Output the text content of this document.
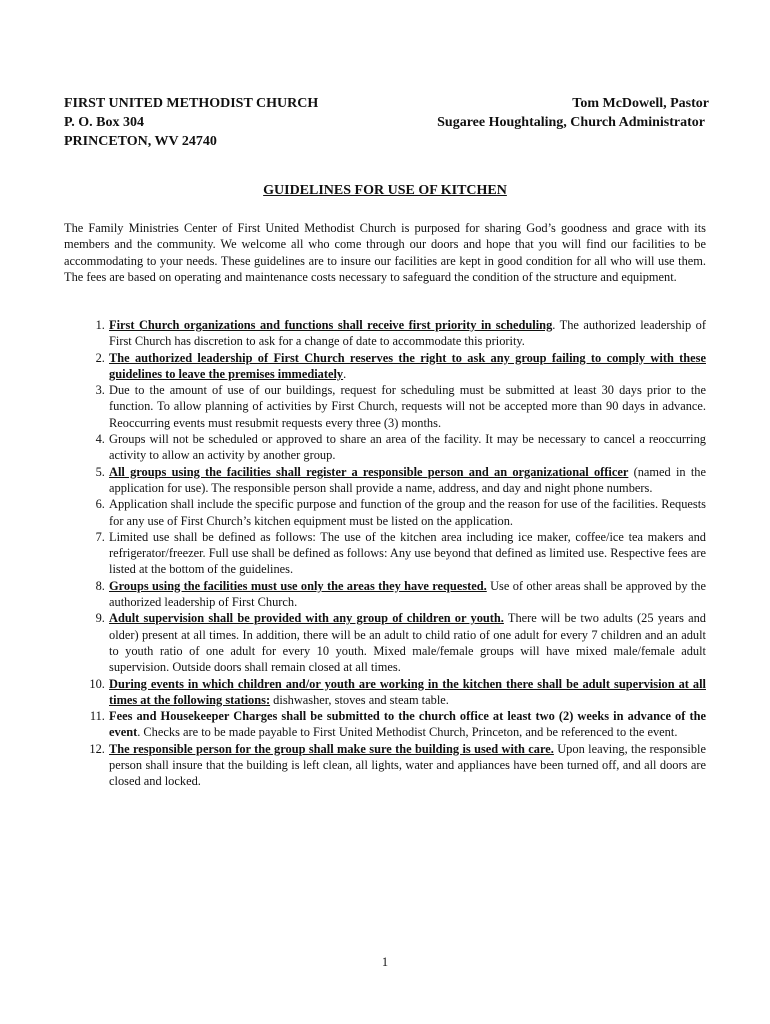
FIRST UNITED METHODIST CHURCH
P. O. Box 304
PRINCETON, WV 24740
Tom McDowell, Pastor
Sugaree Houghtaling, Church Administrator
GUIDELINES FOR USE OF KITCHEN

The Family Ministries Center of First United Methodist Church is purposed for sharing God’s goodness and grace with its members and the community. We welcome all who come through our doors and hope that you will find our facilities to be accommodating to your needs. These guidelines are to insure our facilities are kept in good condition for all who will use them. The fees are based on operating and maintenance costs necessary to safeguard the condition of the structure and equipment.

1. First Church organizations and functions shall receive first priority in scheduling. The authorized leadership of First Church has discretion to ask for a change of date to accommodate this priority.
2. The authorized leadership of First Church reserves the right to ask any group failing to comply with these guidelines to leave the premises immediately.
3. Due to the amount of use of our buildings, request for scheduling must be submitted at least 30 days prior to the function. To allow planning of activities by First Church, requests will not be accepted more than 90 days in advance. Reoccurring events must resubmit requests every three (3) months.
4. Groups will not be scheduled or approved to share an area of the facility. It may be necessary to cancel a reoccurring activity to allow an activity by another group.
5. All groups using the facilities shall register a responsible person and an organizational officer (named in the application for use). The responsible person shall provide a name, address, and day and night phone numbers.
6. Application shall include the specific purpose and function of the group and the reason for use of the facilities. Requests for any use of First Church’s kitchen equipment must be listed on the application.
7. Limited use shall be defined as follows: The use of the kitchen area including ice maker, coffee/ice tea makers and refrigerator/freezer. Full use shall be defined as follows: Any use beyond that defined as limited use. Respective fees are listed at the bottom of the guidelines.
8. Groups using the facilities must use only the areas they have requested. Use of other areas shall be approved by the authorized leadership of First Church.
9. Adult supervision shall be provided with any group of children or youth. There will be two adults (25 years and older) present at all times. In addition, there will be an adult to child ratio of one adult for every 7 children and an adult to youth ratio of one adult for every 10 youth. Mixed male/female groups will have mixed male/female adult supervision. Outside doors shall remain closed at all times.
10. During events in which children and/or youth are working in the kitchen there shall be adult supervision at all times at the following stations: dishwasher, stoves and steam table.
11. Fees and Housekeeper Charges shall be submitted to the church office at least two (2) weeks in advance of the event. Checks are to be made payable to First United Methodist Church, Princeton, and be referenced to the event.
12. The responsible person for the group shall make sure the building is used with care. Upon leaving, the responsible person shall insure that the building is left clean, all lights, water and appliances have been turned off, and all doors are closed and locked.
1
